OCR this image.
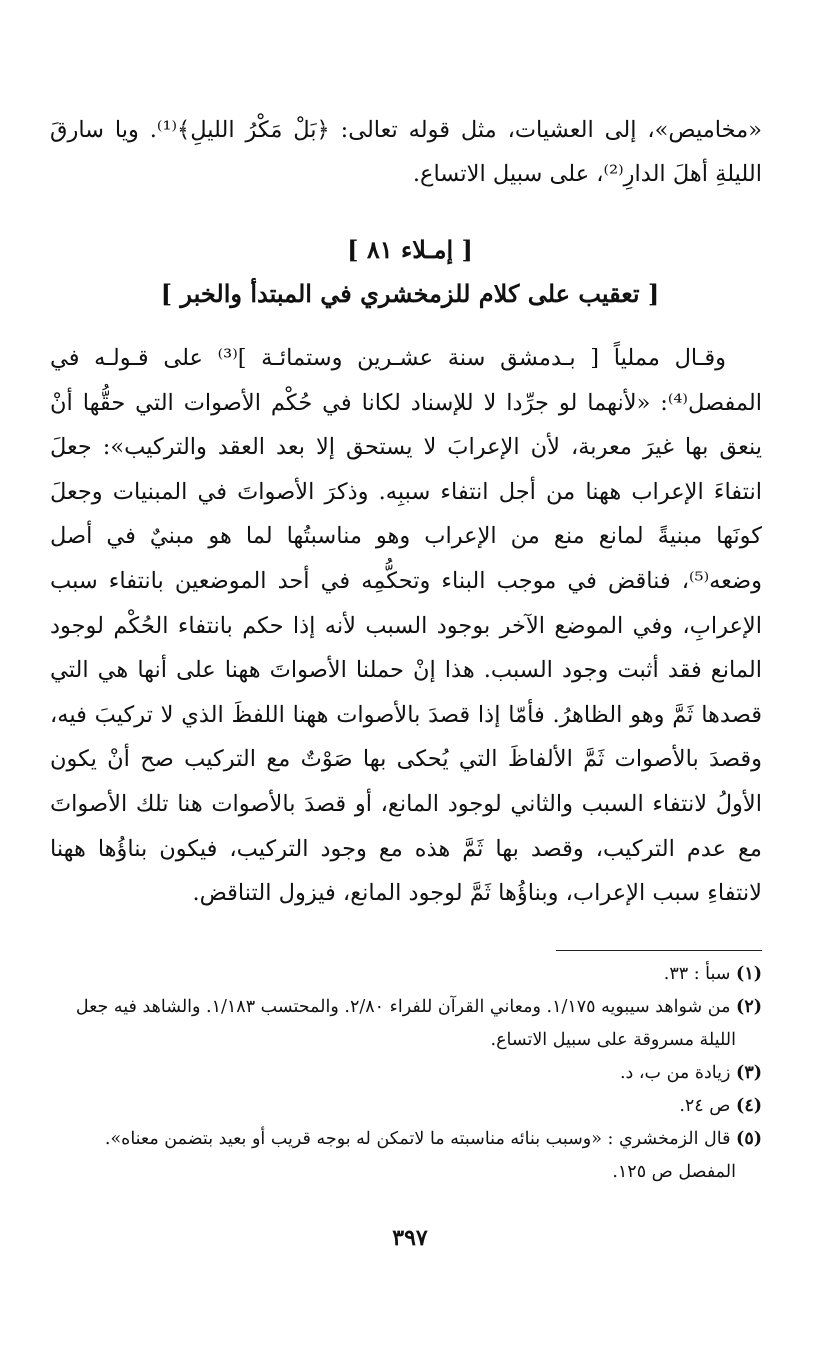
«مخاميص»، إلى العشيات، مثل قوله تعالى: ﴿بَلْ مَكْرُ الليلِ﴾⁽¹⁾. ويا سارقَ الليلةِ أهلَ الدارِ⁽²⁾، على سبيل الاتساع.

[ إمـلاء ٨١ ]
[ تعقيب على كلام للزمخشري في المبتدأ والخبر ]

وقـال مملياً [ بـدمشق سنة عشـرين وستمائـة ]⁽³⁾ على قـولـه في المفصل⁽⁴⁾: «لأنهما لو جرِّدا لا للإسناد لكانا في حُكْم الأصوات التي حقُّها أنْ ينعق بها غيرَ معربة، لأن الإعرابَ لا يستحق إلا بعد العقد والتركيب»: جعلَ انتفاءَ الإعراب ههنا من أجل انتفاء سببِه. وذكرَ الأصواتَ في المبنيات وجعلَ كونَها مبنيةً لمانع منع من الإعراب وهو مناسبتُها لما هو مبنيٌ في أصل وضعه⁽⁵⁾، فناقض في موجب البناء وتحكُّمِه في أحد الموضعين بانتفاء سبب الإعرابِ، وفي الموضع الآخر بوجود السبب لأنه إذا حكم بانتفاء الحُكْم لوجود المانع فقد أثبت وجود السبب. هذا إنْ حملنا الأصواتَ ههنا على أنها هي التي قصدها ثَمَّ وهو الظاهرُ. فأمّا إذا قصدَ بالأصوات ههنا اللفظَ الذي لا تركيبَ فيه، وقصدَ بالأصوات ثَمَّ الألفاظَ التي يُحكى بها صَوْتٌ مع التركيب صح أنْ يكون الأولُ لانتفاء السبب والثاني لوجود المانع، أو قصدَ بالأصوات هنا تلك الأصواتَ مع عدم التركيب، وقصد بها ثَمَّ هذه مع وجود التركيب، فيكون بناؤُها ههنا لانتفاءِ سبب الإعراب، وبناؤُها ثَمَّ لوجود المانع، فيزول التناقض.

(١) سبأ : ٣٣.

(٢) من شواهد سيبويه ١/١٧٥. ومعاني القرآن للفراء ٢/٨٠. والمحتسب ١/١٨٣. والشاهد فيه جعل الليلة مسروقة على سبيل الاتساع.

(٣) زيادة من ب، د.

(٤) ص ٢٤.

(٥) قال الزمخشري : «وسبب بنائه مناسبته ما لاتمكن له بوجه قريب أو بعيد بتضمن معناه». المفصل ص ١٢٥.

٣٩٧
